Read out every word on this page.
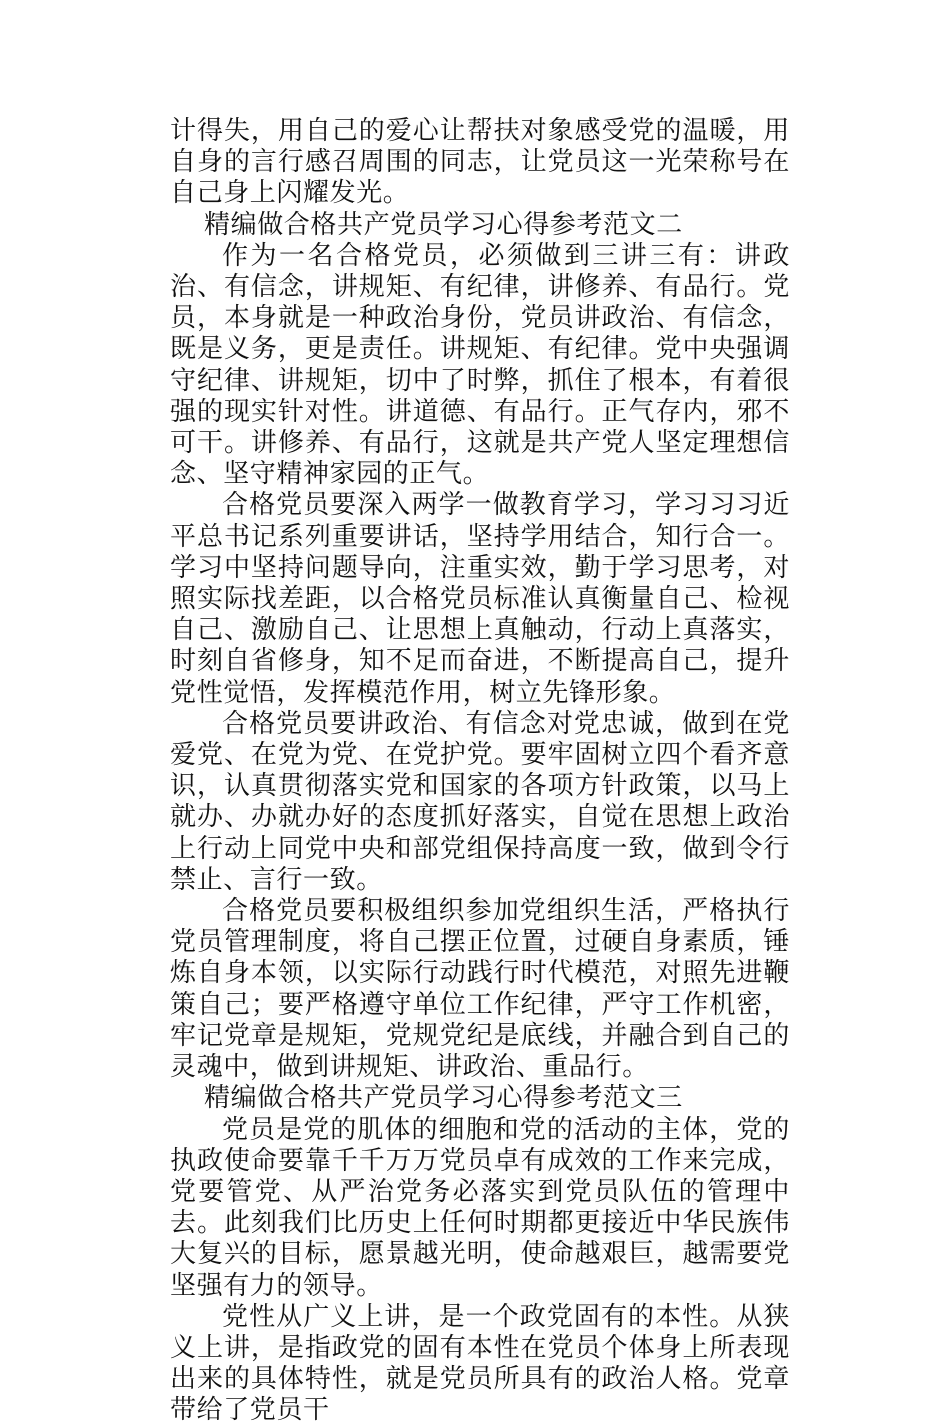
计得失，用自己的爱心让帮扶对象感受党的温暖，用自身的言行感召周围的同志，让党员这一光荣称号在自己身上闪耀发光。

精编做合格共产党员学习心得参考范文二

作为一名合格党员，必须做到三讲三有：讲政治、有信念，讲规矩、有纪律，讲修养、有品行。党员，本身就是一种政治身份，党员讲政治、有信念，既是义务，更是责任。讲规矩、有纪律。党中央强调守纪律、讲规矩，切中了时弊，抓住了根本，有着很强的现实针对性。讲道德、有品行。正气存内，邪不可干。讲修养、有品行，这就是共产党人坚定理想信念、坚守精神家园的正气。

合格党员要深入两学一做教育学习，学习习习近平总书记系列重要讲话，坚持学用结合，知行合一。学习中坚持问题导向，注重实效，勤于学习思考，对照实际找差距，以合格党员标准认真衡量自己、检视自己、激励自己、让思想上真触动，行动上真落实，时刻自省修身，知不足而奋进，不断提高自己，提升党性觉悟，发挥模范作用，树立先锋形象。

合格党员要讲政治、有信念对党忠诚，做到在党爱党、在党为党、在党护党。要牢固树立四个看齐意识，认真贯彻落实党和国家的各项方针政策，以马上就办、办就办好的态度抓好落实，自觉在思想上政治上行动上同党中央和部党组保持高度一致，做到令行禁止、言行一致。

合格党员要积极组织参加党组织生活，严格执行党员管理制度，将自己摆正位置，过硬自身素质，锤炼自身本领，以实际行动践行时代模范，对照先进鞭策自己；要严格遵守单位工作纪律，严守工作机密，牢记党章是规矩，党规党纪是底线，并融合到自己的灵魂中，做到讲规矩、讲政治、重品行。

精编做合格共产党员学习心得参考范文三

党员是党的肌体的细胞和党的活动的主体，党的执政使命要靠千千万万党员卓有成效的工作来完成，党要管党、从严治党务必落实到党员队伍的管理中去。此刻我们比历史上任何时期都更接近中华民族伟大复兴的目标，愿景越光明，使命越艰巨，越需要党坚强有力的领导。

党性从广义上讲，是一个政党固有的本性。从狭义上讲，是指政党的固有本性在党员个体身上所表现出来的具体特性，就是党员所具有的政治人格。党章带给了党员干
